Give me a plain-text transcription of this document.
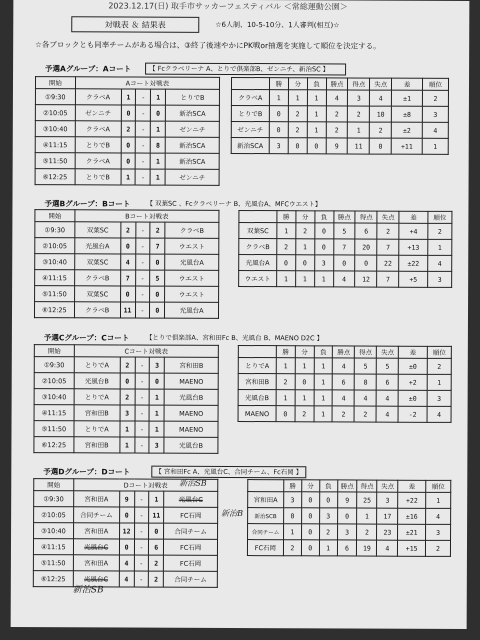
2023.12.17(日) 取手市サッカーフェスティバル ＜常総運動公園＞
対戦表 ＆ 結果表	☆6人制、10-5-10分、1人審判(相互)☆
☆各ブロックとも同率チームがある場合は、③終了後速やかにPK戦or抽選を実施して順位を決定する。
予選Aグループ：Aコート	【 Fcクラベリーナ A、とりで倶楽部B、ゼンニチ、新治SC 】
開始	Aコート対戦表				
①9:30	クラベA	1	-	1	とりでB
②10:05	ゼンニチ	0	-	0	新治SCA
③10:40	クラベA	2	-	1	ゼンニチ
④11:15	とりでB	0	-	8	新治SCA
⑤11:50	クラベA	0	-	1	新治SCA
⑥12:25	とりでB	1	-	1	ゼンニチ
	勝	分	負	勝点	得点	失点	差	順位
クラベA	1	1	1	4	3	4	±1	2
とりでB	0	2	1	2	2	10	±8	3
ゼンニチ	0	2	1	2	1	2	±2	4
新治SCA	3	0	0	9	11	0	+11	1
予選Bグループ：Bコート 【 双葉SC 、Fcクラベリーナ B、光風台A、MFCウエスト】
開始	Bコート対戦表				
①9:30	双葉SC	2	-	2	クラベB
②10:05	光風台A	0	-	7	ウエスト
③10:40	双葉SC	4	-	0	光風台A
④11:15	クラベB	7	-	5	ウエスト
⑤11:50	双葉SC	0	-	0	ウエスト
⑥12:25	クラベB	11	-	0	光風台A
	勝	分	負	勝点	得点	失点	差	順位
双葉SC	1	2	0	5	6	2	+4	2
クラベB	2	1	0	7	20	7	+13	1
光風台A	0	0	3	0	0	22	±22	4
ウエスト	1	1	1	4	12	7	+5	3
予選Cグループ：Cコート	【とりで倶楽部A、宮和田Fc B、光風台 B、MAENO D2C 】
開始	Cコート対戦表				
①9:30	とりでA	2	-	3	宮和田B
②10:05	光風台B	0	-	0	MAENO
③10:40	とりでA	2	-	1	光風台B
④11:15	宮和田B	3	-	1	MAENO
⑤11:50	とりでA	1	-	1	MAENO
⑥12:25	宮和田B	1	-	3	光風台B
	勝	分	負	勝点	得点	失点	差	順位
とりでA	1	1	1	4	5	5	±0	2
宮和田B	2	0	1	6	8	6	+2	1
光風台B	1	1	1	4	4	4	±0	3
MAENO	0	2	1	2	2	4	-2	4
予選Dグループ：Dコート	【 宮和田Fc A、光風台C、合同チーム、Fc石岡 】
開始	Dコート対戦表				
①9:30	宮和田A	9	-	1	光風台C
②10:05	合同チーム	0	-	11	FC石岡
③10:40	宮和田A	12	-	0	合同チーム
④11:15	光風台C	0	-	6	FC石岡
⑤11:50	宮和田A	4	-	2	FC石岡
⑥12:25	光風台C	4	-	2	合同チーム
新治SB
新治B
新治SB
	勝	分	負	勝点	得点	失点	差	順位
宮和田A	3	0	0	9	25	3	+22	1
新治SCB	0	0	3	0	1	17	±16	4
合同チーム	1	0	2	3	2	23	±21	3
FC石岡	2	0	1	6	19	4	+15	2
